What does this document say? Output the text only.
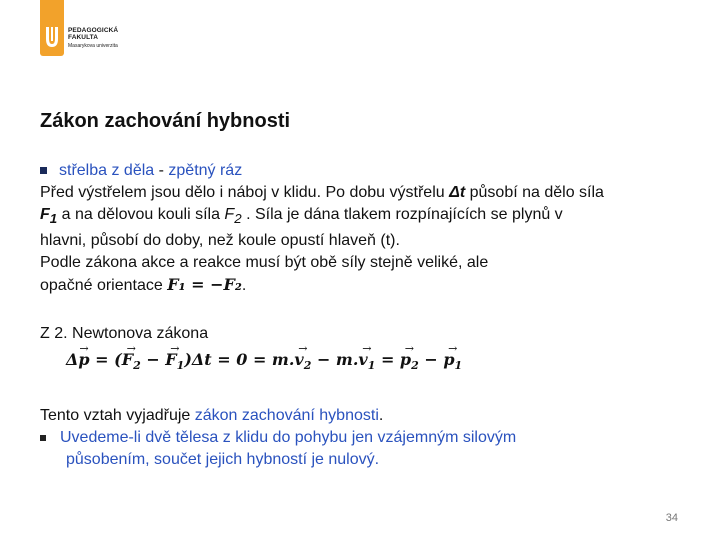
PEDAGOGICKÁ
FAKULTA
Masarykova univerzita
Zákon zachování hybnosti
střelba z děla - zpětný ráz
Před výstřelem jsou dělo i náboj v klidu. Po dobu výstřelu Δt působí na dělo síla
$F_1$ a na dělovou kouli síla $F_2$ . Síla je dána tlakem rozpínajících se plynů v
hlavni, působí do doby, než koule opustí hlaveň (t).
Podle zákona akce a reakce musí být obě síly stejně veliké, ale
opačné orientace F₁ = −F₂.
Z 2. Newtonova zákona
Δ→ p = (→ $F_2$ − → $F_1)\Delta t = 0 = m.\to v_2 - m.\to v_1$ = → $p_2$ − → $p_1$
Tento vztah vyjadřuje zákon zachování hybnosti.
Uvedeme-li dvě tělesa z klidu do pohybu jen vzájemným silovým
působením, součet jejich hybností je nulový.
34
